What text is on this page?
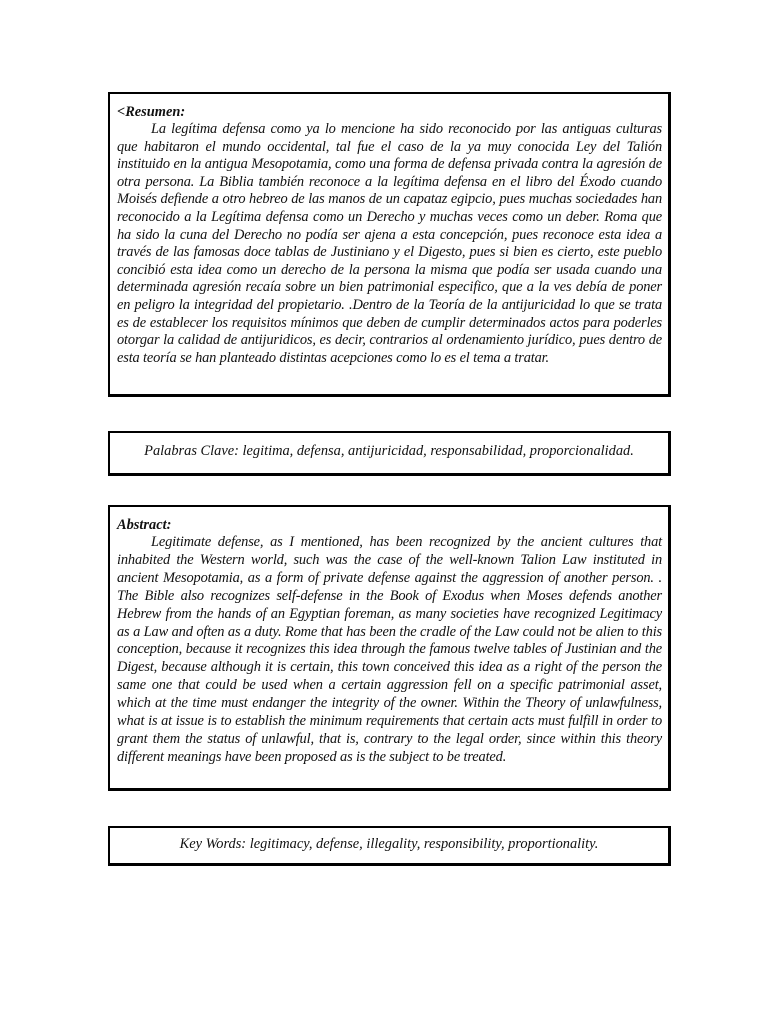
<Resumen:

La legítima defensa como ya lo mencione ha sido reconocido por las antiguas culturas que habitaron el mundo occidental, tal fue el caso de la ya muy conocida Ley del Talión instituido en la antigua Mesopotamia, como una forma de defensa privada contra la agresión de otra persona. La Biblia también reconoce a la legítima defensa en el libro del Éxodo cuando Moisés defiende a otro hebreo de las manos de un capataz egipcio, pues muchas sociedades han reconocido a la Legítima defensa como un Derecho y muchas veces como un deber. Roma que ha sido la cuna del Derecho no podía ser ajena a esta concepción, pues reconoce esta idea a través de las famosas doce tablas de Justiniano y el Digesto, pues si bien es cierto, este pueblo concibió esta idea como un derecho de la persona la misma que podía ser usada cuando una determinada agresión recaía sobre un bien patrimonial especifico, que a la ves debía de poner en peligro la integridad del propietario. .Dentro de la Teoría de la antijuricidad lo que se trata es de establecer los requisitos mínimos que deben de cumplir determinados actos para poderles otorgar la calidad de antijuridicos, es decir, contrarios al ordenamiento jurídico, pues dentro de esta teoría se han planteado distintas acepciones como lo es el tema a tratar.

Palabras Clave: legitima, defensa, antijuricidad, responsabilidad, proporcionalidad.

Abstract:

Legitimate defense, as I mentioned, has been recognized by the ancient cultures that inhabited the Western world, such was the case of the well-known Talion Law instituted in ancient Mesopotamia, as a form of private defense against the aggression of another person. . The Bible also recognizes self-defense in the Book of Exodus when Moses defends another Hebrew from the hands of an Egyptian foreman, as many societies have recognized Legitimacy as a Law and often as a duty. Rome that has been the cradle of the Law could not be alien to this conception, because it recognizes this idea through the famous twelve tables of Justinian and the Digest, because although it is certain, this town conceived this idea as a right of the person the same one that could be used when a certain aggression fell on a specific patrimonial asset, which at the time must endanger the integrity of the owner. Within the Theory of unlawfulness, what is at issue is to establish the minimum requirements that certain acts must fulfill in order to grant them the status of unlawful, that is, contrary to the legal order, since within this theory different meanings have been proposed as is the subject to be treated.

Key Words: legitimacy, defense, illegality, responsibility, proportionality.
